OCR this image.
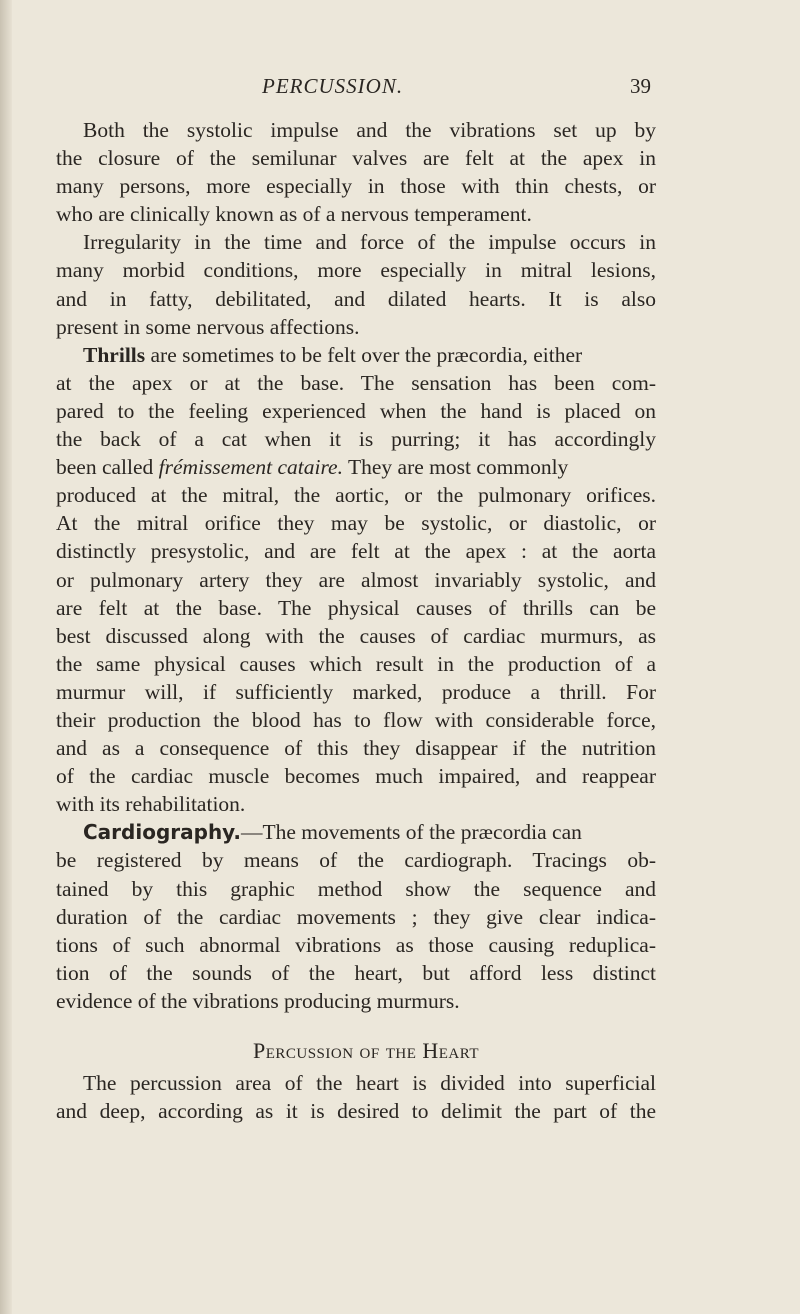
PERCUSSION.	39
Both the systolic impulse and the vibrations set up by
the closure of the semilunar valves are felt at the apex in
many persons, more especially in those with thin chests, or
who are clinically known as of a nervous temperament.
Irregularity in the time and force of the impulse occurs in
many morbid conditions, more especially in mitral lesions,
and in fatty, debilitated, and dilated hearts. It is also
present in some nervous affections.
Thrills are sometimes to be felt over the præcordia, either
at the apex or at the base. The sensation has been com-
pared to the feeling experienced when the hand is placed on
the back of a cat when it is purring; it has accordingly
been called frémissement cataire. They are most commonly
produced at the mitral, the aortic, or the pulmonary orifices.
At the mitral orifice they may be systolic, or diastolic, or
distinctly presystolic, and are felt at the apex : at the aorta
or pulmonary artery they are almost invariably systolic, and
are felt at the base. The physical causes of thrills can be
best discussed along with the causes of cardiac murmurs, as
the same physical causes which result in the production of a
murmur will, if sufficiently marked, produce a thrill. For
their production the blood has to flow with considerable force,
and as a consequence of this they disappear if the nutrition
of the cardiac muscle becomes much impaired, and reappear
with its rehabilitation.
Cardiography.—The movements of the præcordia can
be registered by means of the cardiograph. Tracings ob-
tained by this graphic method show the sequence and
duration of the cardiac movements ; they give clear indica-
tions of such abnormal vibrations as those causing reduplica-
tion of the sounds of the heart, but afford less distinct
evidence of the vibrations producing murmurs.
Percussion of the Heart
The percussion area of the heart is divided into superficial
and deep, according as it is desired to delimit the part of the
